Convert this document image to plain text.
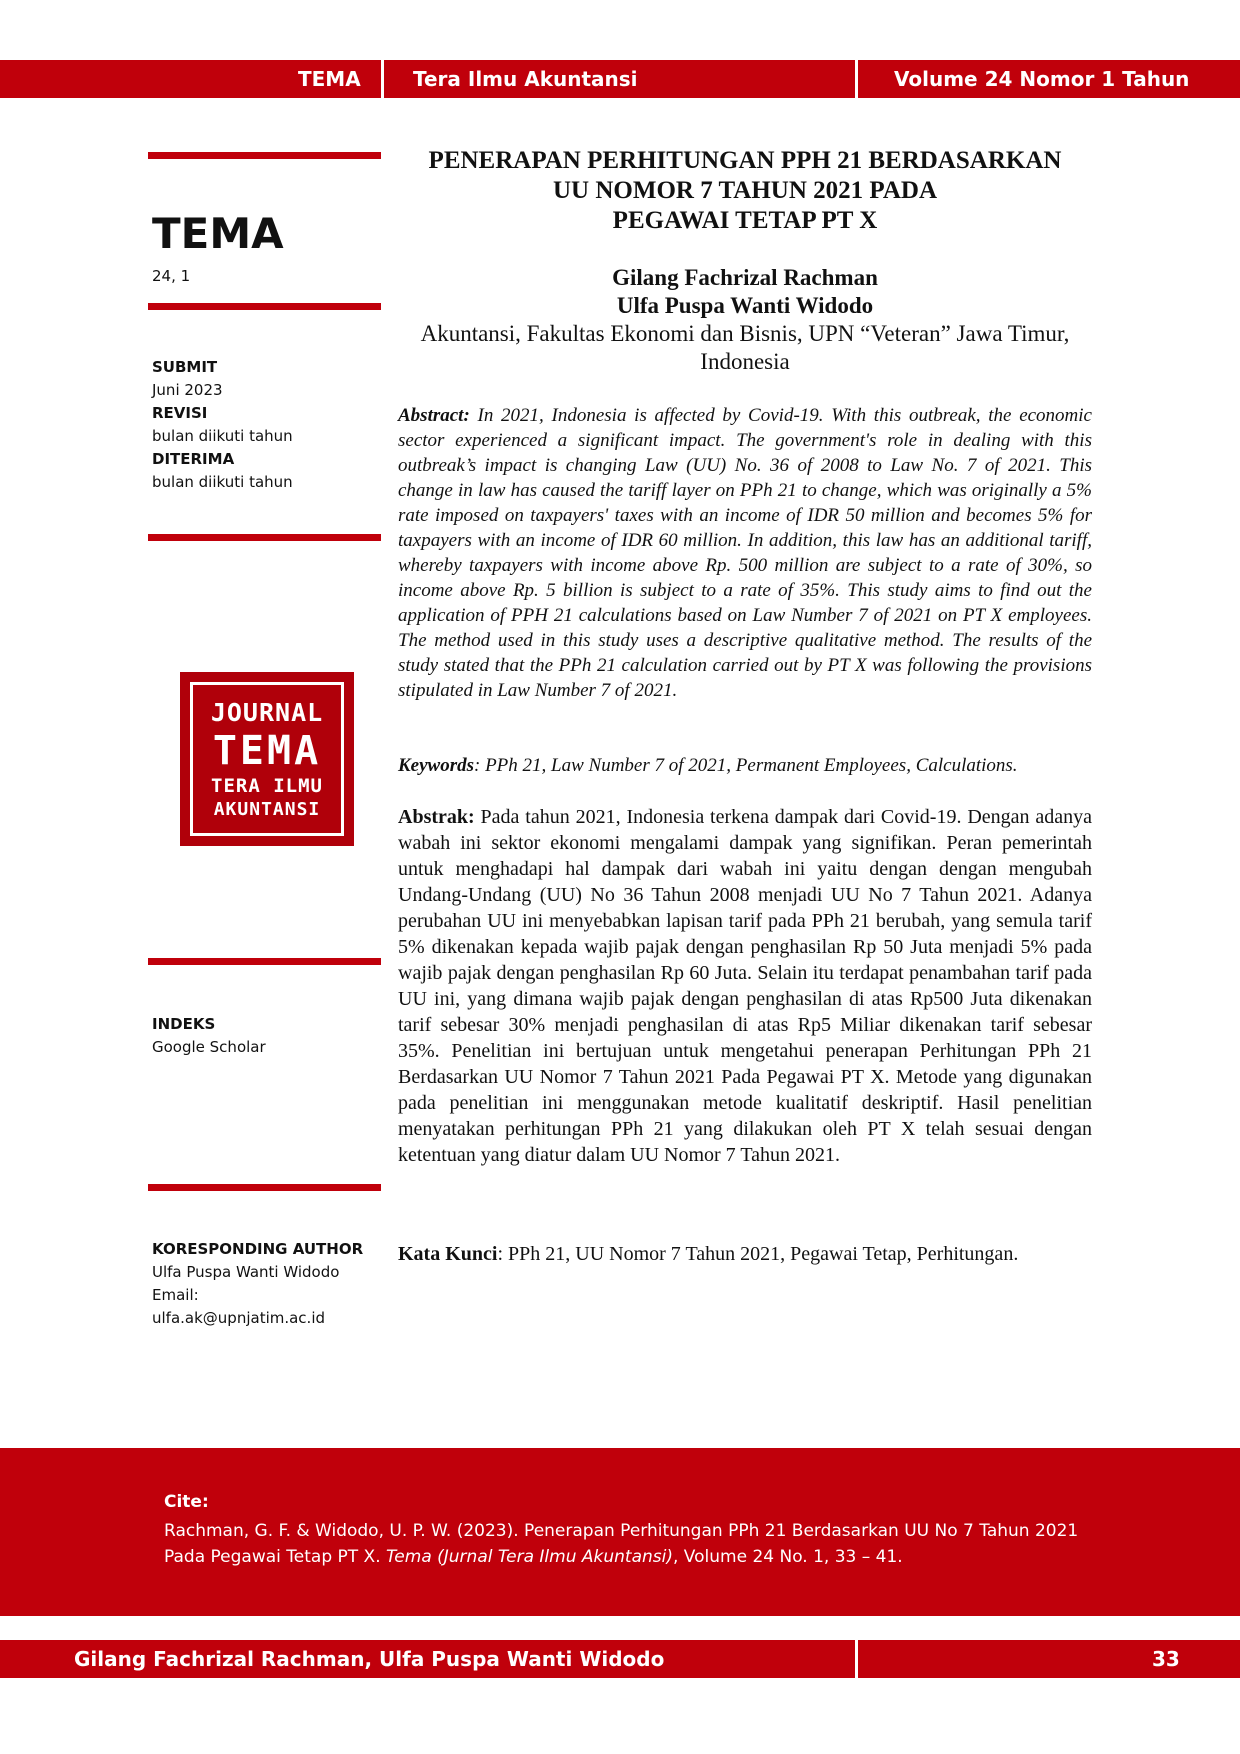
TEMA	Tera Ilmu Akuntansi	Volume 24 Nomor 1 Tahun 2023
TEMA
24, 1
SUBMIT
Juni 2023
REVISI
bulan diikuti tahun
DITERIMA
bulan diikuti tahun
JOURNAL
TEMA
TERA ILMU
AKUNTANSI
INDEKS
Google Scholar
KORESPONDING AUTHOR
Ulfa Puspa Wanti Widodo
Email:
ulfa.ak@upnjatim.ac.id
PENERAPAN PERHITUNGAN PPH 21 BERDASARKAN
UU NOMOR 7 TAHUN 2021 PADA
PEGAWAI TETAP PT X
Gilang Fachrizal Rachman
Ulfa Puspa Wanti Widodo
Akuntansi, Fakultas Ekonomi dan Bisnis, UPN “Veteran” Jawa Timur, Indonesia
Abstract: In 2021, Indonesia is affected by Covid-19. With this outbreak, the economic sector experienced a significant impact. The government's role in dealing with this outbreak’s impact is changing Law (UU) No. 36 of 2008 to Law No. 7 of 2021. This change in law has caused the tariff layer on PPh 21 to change, which was originally a 5% rate imposed on taxpayers' taxes with an income of IDR 50 million and becomes 5% for taxpayers with an income of IDR 60 million. In addition, this law has an additional tariff, whereby taxpayers with income above Rp. 500 million are subject to a rate of 30%, so income above Rp. 5 billion is subject to a rate of 35%. This study aims to find out the application of PPH 21 calculations based on Law Number 7 of 2021 on PT X employees. The method used in this study uses a descriptive qualitative method. The results of the study stated that the PPh 21 calculation carried out by PT X was following the provisions stipulated in Law Number 7 of 2021.
Keywords: PPh 21, Law Number 7 of 2021, Permanent Employees, Calculations.
Abstrak: Pada tahun 2021, Indonesia terkena dampak dari Covid-19. Dengan adanya wabah ini sektor ekonomi mengalami dampak yang signifikan. Peran pemerintah untuk menghadapi hal dampak dari wabah ini yaitu dengan dengan mengubah Undang-Undang (UU) No 36 Tahun 2008 menjadi UU No 7 Tahun 2021. Adanya perubahan UU ini menyebabkan lapisan tarif pada PPh 21 berubah, yang semula tarif 5% dikenakan kepada wajib pajak dengan penghasilan Rp 50 Juta menjadi 5% pada wajib pajak dengan penghasilan Rp 60 Juta. Selain itu terdapat penambahan tarif pada UU ini, yang dimana wajib pajak dengan penghasilan di atas Rp500 Juta dikenakan tarif sebesar 30% menjadi penghasilan di atas Rp5 Miliar dikenakan tarif sebesar 35%. Penelitian ini bertujuan untuk mengetahui penerapan Perhitungan PPh 21 Berdasarkan UU Nomor 7 Tahun 2021 Pada Pegawai PT X. Metode yang digunakan pada penelitian ini menggunakan metode kualitatif deskriptif. Hasil penelitian menyatakan perhitungan PPh 21 yang dilakukan oleh PT X telah sesuai dengan ketentuan yang diatur dalam UU Nomor 7 Tahun 2021.
Kata Kunci: PPh 21, UU Nomor 7 Tahun 2021, Pegawai Tetap, Perhitungan.
Cite:
Rachman, G. F. & Widodo, U. P. W. (2023). Penerapan Perhitungan PPh 21 Berdasarkan UU No 7 Tahun 2021 Pada Pegawai Tetap PT X. Tema (Jurnal Tera Ilmu Akuntansi), Volume 24 No. 1, 33 – 41.
Gilang Fachrizal Rachman, Ulfa Puspa Wanti Widodo	33
